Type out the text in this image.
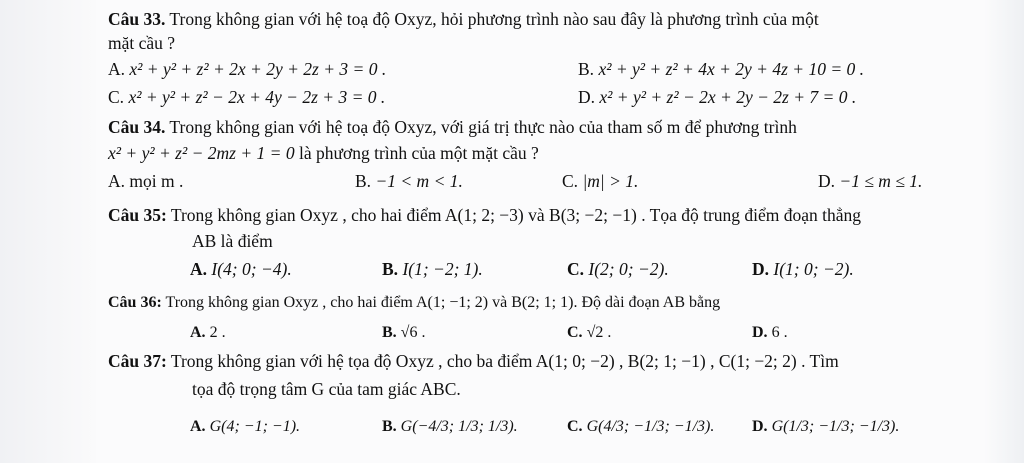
Câu 33. Trong không gian với hệ toạ độ Oxyz, hỏi phương trình nào sau đây là phương trình của một
mặt cầu ?
A. x² + y² + z² + 2x + 2y + 2z + 3 = 0 .	B. x² + y² + z² + 4x + 2y + 4z + 10 = 0 .
C. x² + y² + z² − 2x + 4y − 2z + 3 = 0 .	D. x² + y² + z² − 2x + 2y − 2z + 7 = 0 .
Câu 34. Trong không gian với hệ toạ độ Oxyz, với giá trị thực nào của tham số m để phương trình
x² + y² + z² − 2mz + 1 = 0 là phương trình của một mặt cầu ?
A. mọi m .	B. −1 < m < 1.	C. |m| > 1.	D. −1 ≤ m ≤ 1.
Câu 35: Trong không gian Oxyz , cho hai điểm A(1; 2; −3) và B(3; −2; −1) . Tọa độ trung điểm đoạn thẳng
AB là điểm
A. I(4; 0; −4).	B. I(1; −2; 1).	C. I(2; 0; −2).	D. I(1; 0; −2).
Câu 36: Trong không gian Oxyz , cho hai điểm A(1; −1; 2) và B(2; 1; 1). Độ dài đoạn AB bằng
A. 2 .	B. √6 .	C. √2 .	D. 6 .
Câu 37: Trong không gian với hệ tọa độ Oxyz , cho ba điểm A(1; 0; −2) , B(2; 1; −1) , C(1; −2; 2) . Tìm
tọa độ trọng tâm G của tam giác ABC.
A. G(4; −1; −1).	B. G(−4/3; 1/3; 1/3).	C. G(4/3; −1/3; −1/3). D. G(1/3; −1/3; −1/3).
